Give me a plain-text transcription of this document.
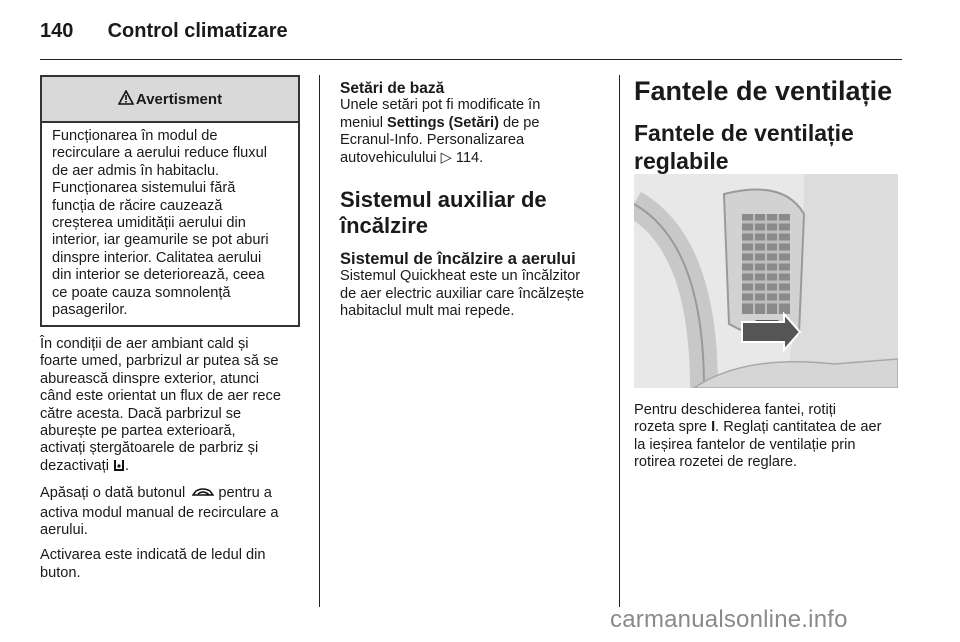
140 Control climatizare
Avertisment
Funcționarea în modul de
recirculare a aerului reduce fluxul
de aer admis în habitaclu.
Funcționarea sistemului fără
funcția de răcire cauzează
creșterea umidității aerului din
interior, iar geamurile se pot aburi
dinspre interior. Calitatea aerului
din interior se deteriorează, ceea
ce poate cauza somnolență
pasagerilor.

În condiții de aer ambiant cald și
foarte umed, parbrizul ar putea să se
aburească dinspre exterior, atunci
când este orientat un flux de aer rece
către acesta. Dacă parbrizul se
aburește pe partea exterioară,
activați ștergătoarele de parbriz și
dezactivați .

Apăsați o dată butonul  pentru a
activa modul manual de recirculare a
aerului.

Activarea este indicată de ledul din
buton.

Setări de bază

Unele setări pot fi modificate în
meniul Settings (Setări) de pe
Ecranul-Info. Personalizarea
autovehiculului ▷ 114.

Sistemul auxiliar de
încălzire
Sistemul de încălzire a aerului

Sistemul Quickheat este un încălzitor
de aer electric auxiliar care încălzește
habitaclul mult mai repede.

Fantele de ventilație
Fantele de ventilație
reglabile

Pentru deschiderea fantei, rotiți
rozeta spre I. Reglați cantitatea de aer
la ieșirea fantelor de ventilație prin
rotirea rozetei de reglare.

carmanualsonline.info
